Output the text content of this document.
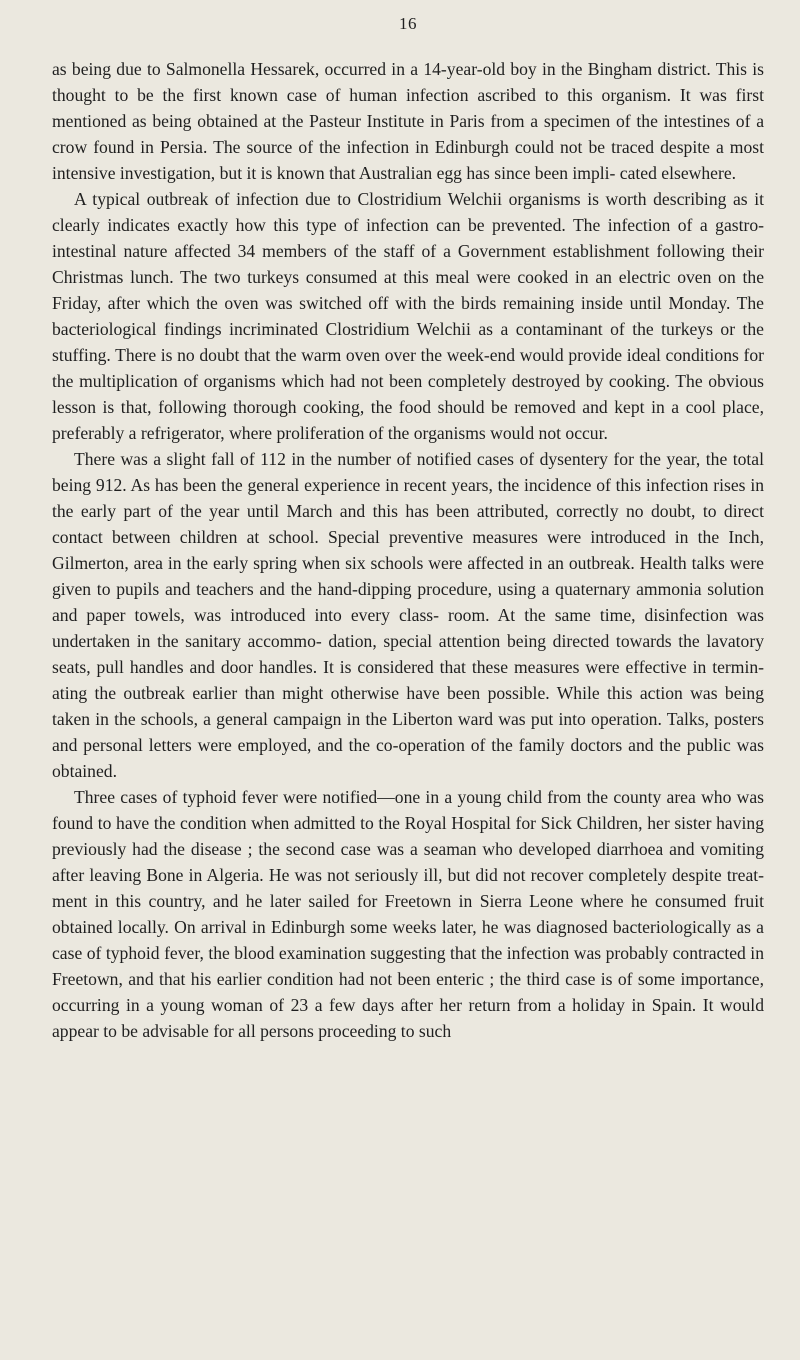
16

as being due to Salmonella Hessarek, occurred in a 14-year-old boy in the Bingham district. This is thought to be the first known case of human infection ascribed to this organism. It was first mentioned as being obtained at the Pasteur Institute in Paris from a specimen of the intestines of a crow found in Persia. The source of the infection in Edinburgh could not be traced despite a most intensive investigation, but it is known that Australian egg has since been impli- cated elsewhere.

A typical outbreak of infection due to Clostridium Welchii organisms is worth describing as it clearly indicates exactly how this type of infection can be prevented. The infection of a gastro-intestinal nature affected 34 members of the staff of a Government establishment following their Christmas lunch. The two turkeys consumed at this meal were cooked in an electric oven on the Friday, after which the oven was switched off with the birds remaining inside until Monday. The bacteriological findings incriminated Clostridium Welchii as a contaminant of the turkeys or the stuffing. There is no doubt that the warm oven over the week-end would provide ideal conditions for the multiplication of organisms which had not been completely destroyed by cooking. The obvious lesson is that, following thorough cooking, the food should be removed and kept in a cool place, preferably a refrigerator, where proliferation of the organisms would not occur.

There was a slight fall of 112 in the number of notified cases of dysentery for the year, the total being 912. As has been the general experience in recent years, the incidence of this infection rises in the early part of the year until March and this has been attributed, correctly no doubt, to direct contact between children at school. Special preventive measures were introduced in the Inch, Gilmerton, area in the early spring when six schools were affected in an outbreak. Health talks were given to pupils and teachers and the hand-dipping procedure, using a quaternary ammonia solution and paper towels, was introduced into every class- room. At the same time, disinfection was undertaken in the sanitary accommo- dation, special attention being directed towards the lavatory seats, pull handles and door handles. It is considered that these measures were effective in termin- ating the outbreak earlier than might otherwise have been possible. While this action was being taken in the schools, a general campaign in the Liberton ward was put into operation. Talks, posters and personal letters were employed, and the co-operation of the family doctors and the public was obtained.

Three cases of typhoid fever were notified—one in a young child from the county area who was found to have the condition when admitted to the Royal Hospital for Sick Children, her sister having previously had the disease ; the second case was a seaman who developed diarrhoea and vomiting after leaving Bone in Algeria. He was not seriously ill, but did not recover completely despite treat- ment in this country, and he later sailed for Freetown in Sierra Leone where he consumed fruit obtained locally. On arrival in Edinburgh some weeks later, he was diagnosed bacteriologically as a case of typhoid fever, the blood examination suggesting that the infection was probably contracted in Freetown, and that his earlier condition had not been enteric ; the third case is of some importance, occurring in a young woman of 23 a few days after her return from a holiday in Spain. It would appear to be advisable for all persons proceeding to such
